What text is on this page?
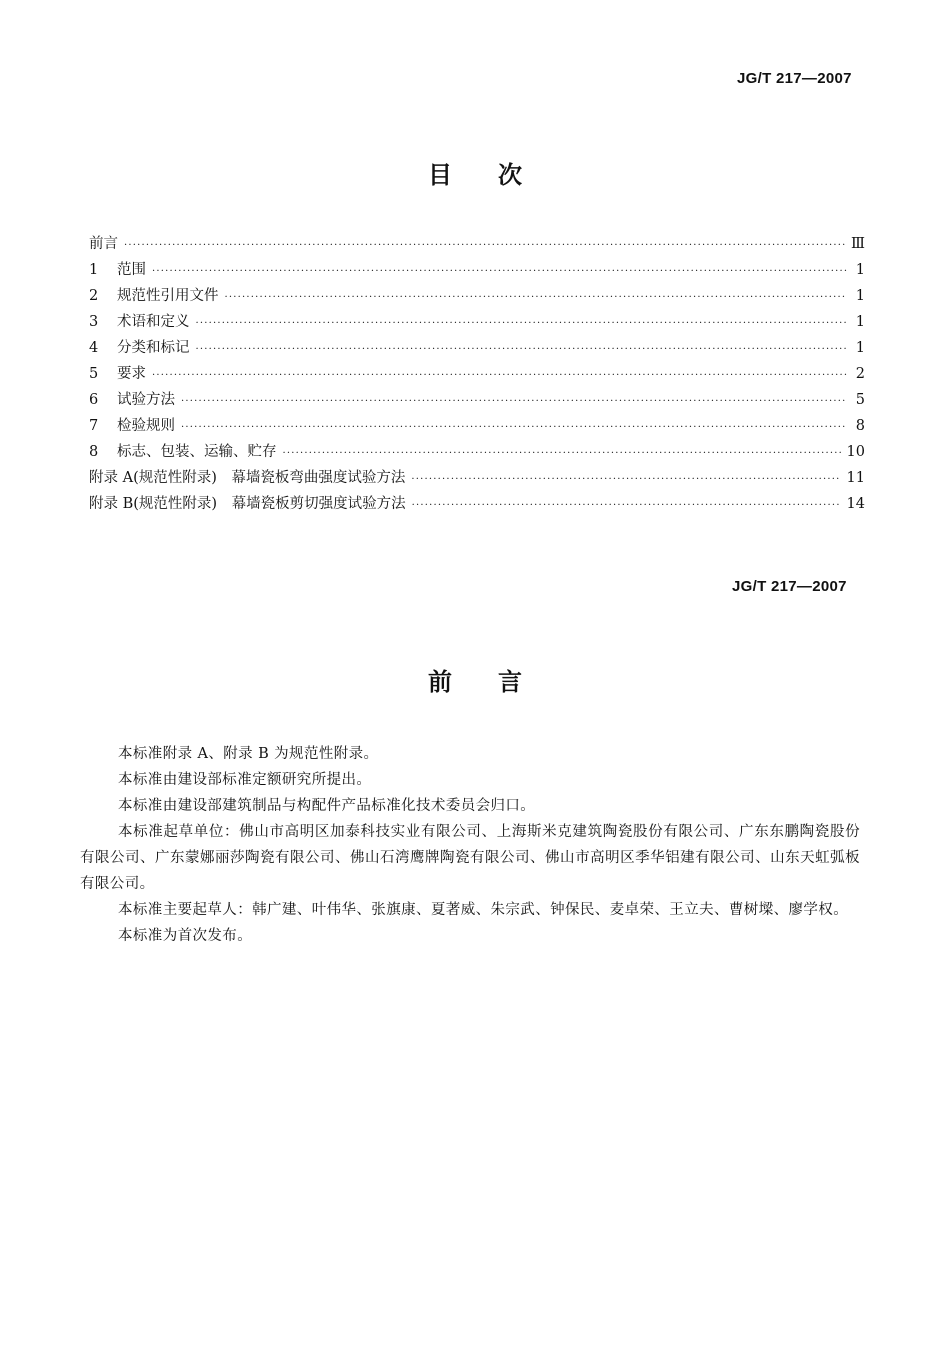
JG/T 217—2007
目次
前言 ·····	Ⅲ
1	范围 ·····	1
2	规范性引用文件 ·····	1
3	术语和定义 ·····	1
4	分类和标记 ·····	1
5	要求 ·····	2
6	试验方法 ·····	5
7	检验规则 ·····	8
8	标志、包装、运输、贮存 ·····	10
附录 A(规范性附录)　幕墙瓷板弯曲强度试验方法 ·····	11
附录 B(规范性附录)　幕墙瓷板剪切强度试验方法 ·····	14
JG/T 217—2007
前言

本标准附录 A、附录 B 为规范性附录。

本标准由建设部标准定额研究所提出。

本标准由建设部建筑制品与构配件产品标准化技术委员会归口。

本标准起草单位：佛山市高明区加泰科技实业有限公司、上海斯米克建筑陶瓷股份有限公司、广东东鹏陶瓷股份有限公司、广东蒙娜丽莎陶瓷有限公司、佛山石湾鹰牌陶瓷有限公司、佛山市高明区季华铝建有限公司、山东天虹弧板有限公司。

本标准主要起草人：韩广建、叶伟华、张旗康、夏著威、朱宗武、钟保民、麦卓荣、王立夫、曹树墚、廖学权。

本标准为首次发布。
